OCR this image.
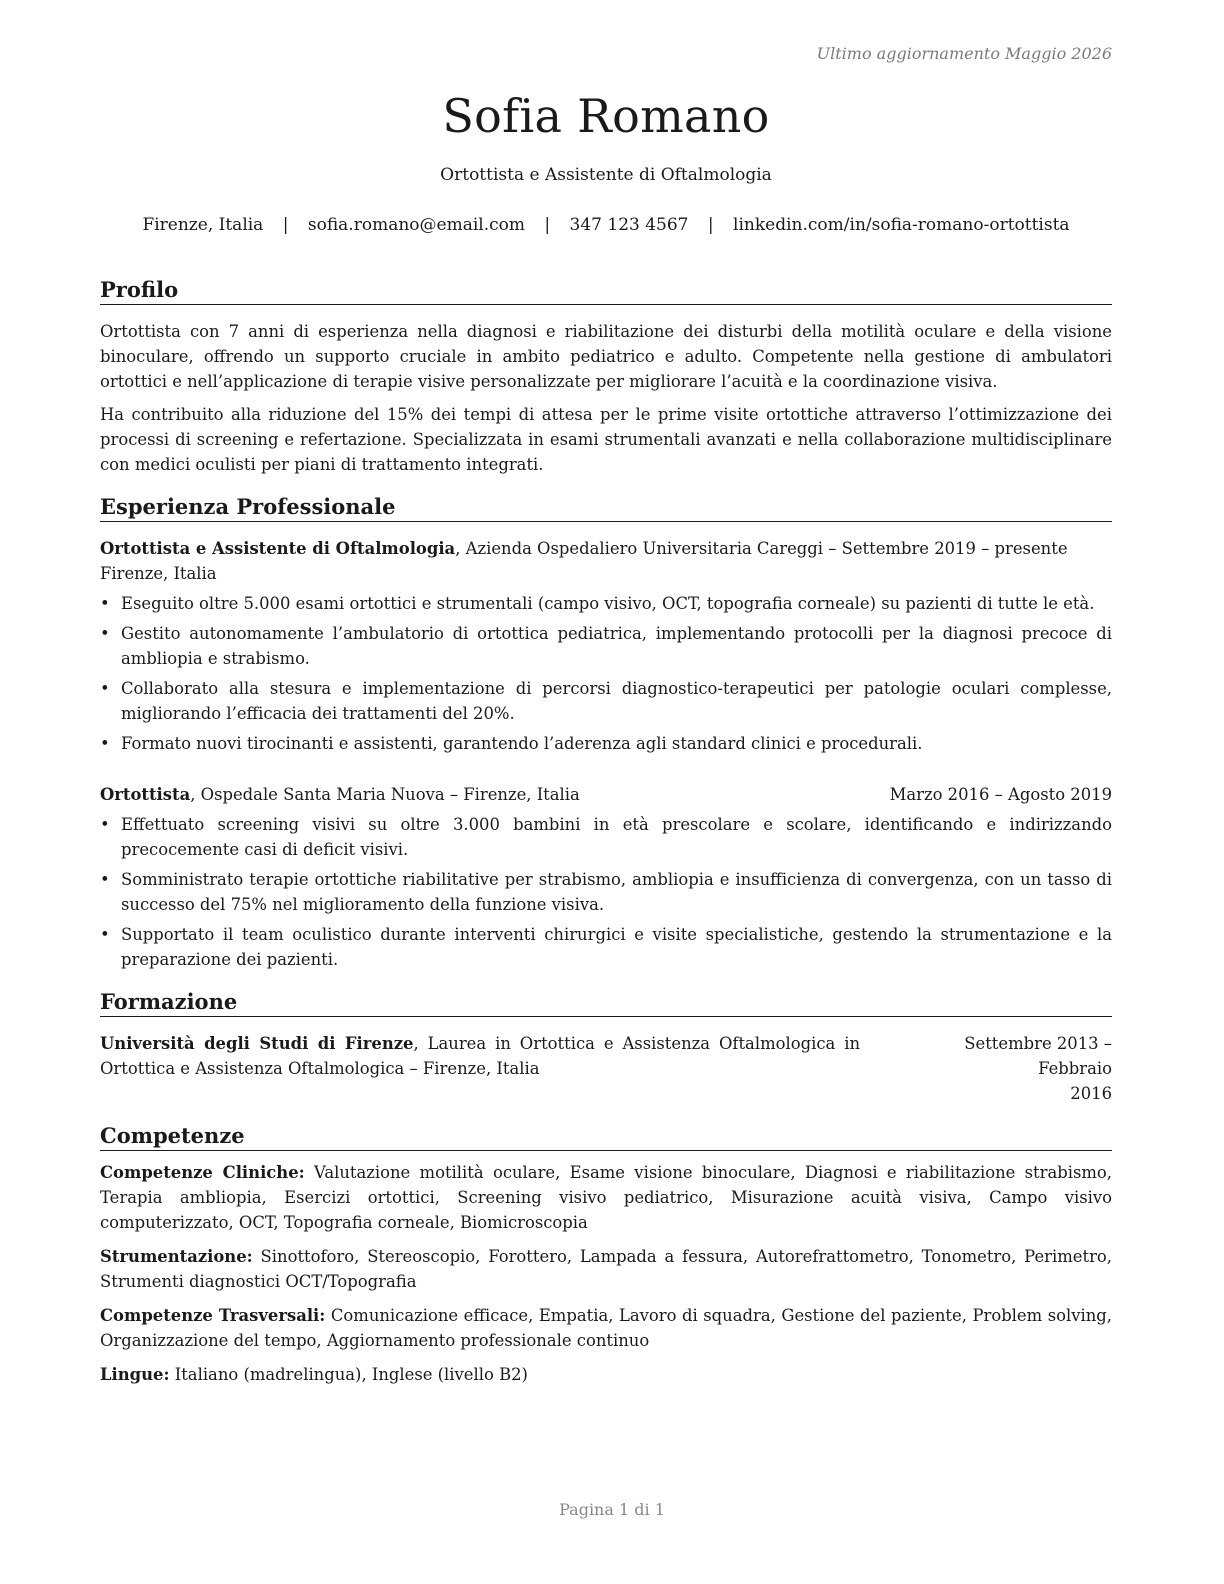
Ultimo aggiornamento Maggio 2026
Sofia Romano
Ortottista e Assistente di Oftalmologia
Firenze, Italia | sofia.romano@email.com | 347 123 4567 | linkedin.com/in/sofia-romano-ortottista
Profilo

Ortottista con 7 anni di esperienza nella diagnosi e riabilitazione dei disturbi della motilità oculare e della visione binoculare, offrendo un supporto cruciale in ambito pediatrico e adulto. Competente nella gestione di ambulatori ortottici e nell’applicazione di terapie visive personalizzate per migliorare l’acuità e la coordinazione visiva.

Ha contribuito alla riduzione del 15% dei tempi di attesa per le prime visite ortottiche attraverso l’ottimizzazione dei processi di screening e refertazione. Specializzata in esami strumentali avanzati e nella collaborazione multidisciplinare con medici oculisti per piani di trattamento integrati.

Esperienza Professionale
Ortottista e Assistente di Oftalmologia, Azienda Ospedaliero Universitaria Careggi – Settembre 2019 – presente
Firenze, Italia
• Eseguito oltre 5.000 esami ortottici e strumentali (campo visivo, OCT, topografia corneale) su pazienti di tutte le età.
• Gestito autonomamente l’ambulatorio di ortottica pediatrica, implementando protocolli per la diagnosi precoce di ambliopia e strabismo.
• Collaborato alla stesura e implementazione di percorsi diagnostico-terapeutici per patologie oculari complesse, migliorando l’efficacia dei trattamenti del 20%.
• Formato nuovi tirocinanti e assistenti, garantendo l’aderenza agli standard clinici e procedurali.
Ortottista, Ospedale Santa Maria Nuova – Firenze, Italia	Marzo 2016 – Agosto 2019
• Effettuato screening visivi su oltre 3.000 bambini in età prescolare e scolare, identificando e indirizzando precocemente casi di deficit visivi.
• Somministrato terapie ortottiche riabilitative per strabismo, ambliopia e insufficienza di convergenza, con un tasso di successo del 75% nel miglioramento della funzione visiva.
• Supportato il team oculistico durante interventi chirurgici e visite specialistiche, gestendo la strumentazione e la preparazione dei pazienti.
Formazione
Università degli Studi di Firenze, Laurea in Ortottica e Assistenza Oftalmologica in
Ortottica e Assistenza Oftalmologica – Firenze, Italia
Settembre 2013 – Febbraio
2016
Competenze

Competenze Cliniche: Valutazione motilità oculare, Esame visione binoculare, Diagnosi e riabilitazione strabismo, Terapia ambliopia, Esercizi ortottici, Screening visivo pediatrico, Misurazione acuità visiva, Campo visivo computerizzato, OCT, Topografia corneale, Biomicroscopia

Strumentazione: Sinottoforo, Stereoscopio, Forottero, Lampada a fessura, Autorefrattometro, Tonometro, Perimetro, Strumenti diagnostici OCT/Topografia

Competenze Trasversali: Comunicazione efficace, Empatia, Lavoro di squadra, Gestione del paziente, Problem solving, Organizzazione del tempo, Aggiornamento professionale continuo

Lingue: Italiano (madrelingua), Inglese (livello B2)

Pagina 1 di 1
